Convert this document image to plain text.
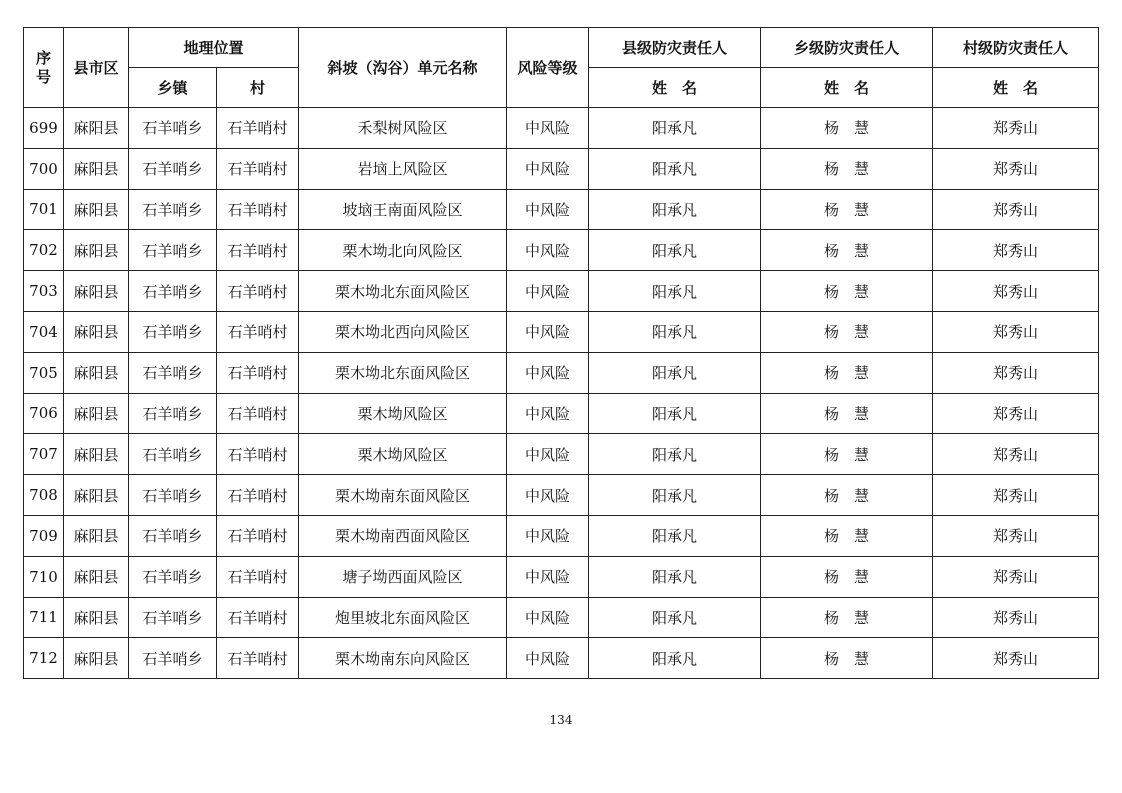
序
号	县市区	地理位置		斜坡（沟谷）单元名称	风险等级	县级防灾责任人	乡级防灾责任人	村级防灾责任人
		乡镇	村			姓　名	姓　名	姓　名
699	麻阳县	石羊哨乡	石羊哨村	禾梨树风险区	中风险	阳承凡	杨　慧	郑秀山
700	麻阳县	石羊哨乡	石羊哨村	岩垴上风险区	中风险	阳承凡	杨　慧	郑秀山
701	麻阳县	石羊哨乡	石羊哨村	坡垴王南面风险区	中风险	阳承凡	杨　慧	郑秀山
702	麻阳县	石羊哨乡	石羊哨村	栗木坳北向风险区	中风险	阳承凡	杨　慧	郑秀山
703	麻阳县	石羊哨乡	石羊哨村	栗木坳北东面风险区	中风险	阳承凡	杨　慧	郑秀山
704	麻阳县	石羊哨乡	石羊哨村	栗木坳北西向风险区	中风险	阳承凡	杨　慧	郑秀山
705	麻阳县	石羊哨乡	石羊哨村	栗木坳北东面风险区	中风险	阳承凡	杨　慧	郑秀山
706	麻阳县	石羊哨乡	石羊哨村	栗木坳风险区	中风险	阳承凡	杨　慧	郑秀山
707	麻阳县	石羊哨乡	石羊哨村	栗木坳风险区	中风险	阳承凡	杨　慧	郑秀山
708	麻阳县	石羊哨乡	石羊哨村	栗木坳南东面风险区	中风险	阳承凡	杨　慧	郑秀山
709	麻阳县	石羊哨乡	石羊哨村	栗木坳南西面风险区	中风险	阳承凡	杨　慧	郑秀山
710	麻阳县	石羊哨乡	石羊哨村	塘子坳西面风险区	中风险	阳承凡	杨　慧	郑秀山
711	麻阳县	石羊哨乡	石羊哨村	炮里坡北东面风险区	中风险	阳承凡	杨　慧	郑秀山
712	麻阳县	石羊哨乡	石羊哨村	栗木坳南东向风险区	中风险	阳承凡	杨　慧	郑秀山
134
